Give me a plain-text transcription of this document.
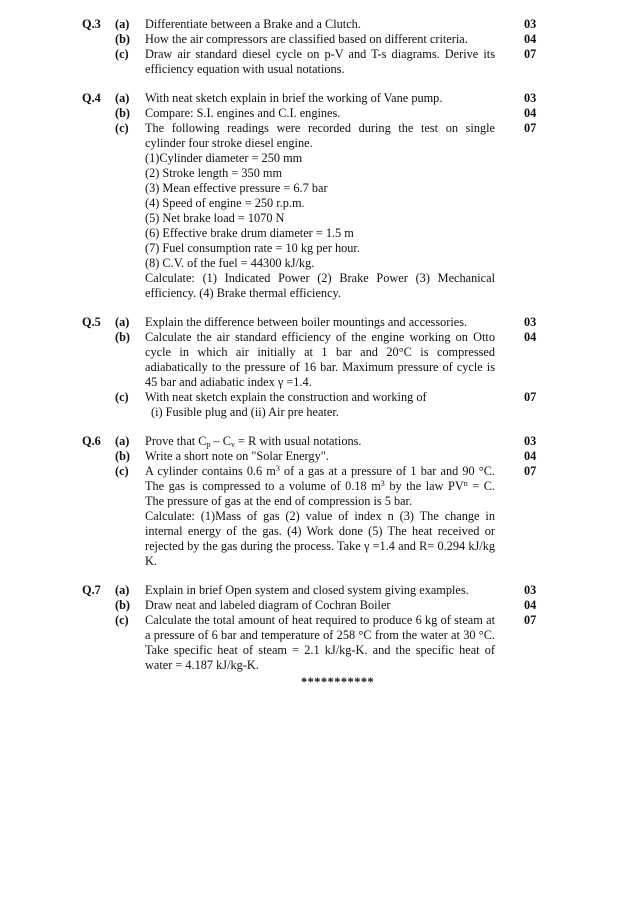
Q.3 (a) Differentiate between a Brake and a Clutch.	03
(b) How the air compressors are classified based on different criteria.	04
(c) Draw air standard diesel cycle on p-V and T-s diagrams. Derive its efficiency equation with usual notations.
07
Q.4 (a) With neat sketch explain in brief the working of Vane pump.	03
(b) Compare: S.I. engines and C.I. engines.	04
(c)	07
The following readings were recorded during the test on single cylinder four stroke diesel engine.
(1)Cylinder diameter = 250 mm
(2) Stroke length = 350 mm
(3) Mean effective pressure = 6.7 bar
(4) Speed of engine = 250 r.p.m.
(5) Net brake load = 1070 N
(6) Effective brake drum diameter = 1.5 m
(7) Fuel consumption rate = 10 kg per hour.
(8) C.V. of the fuel = 44300 kJ/kg.
Calculate: (1) Indicated Power (2) Brake Power (3) Mechanical efficiency. (4) Brake thermal efficiency.
Q.5 (a) Explain the difference between boiler mountings and accessories.	03
(b) Calculate the air standard efficiency of the engine working on Otto cycle in which air initially at 1 bar and 20°C is compressed adiabatically to the pressure of 16 bar. Maximum pressure of cycle is 45 bar and adiabatic index γ =1.4.
04
(c) With neat sketch explain the construction and working of
(i) Fusible plug and (ii) Air pre heater.
07
Q.6 (a) Prove that $C_p - C_v = R$ with usual notations.	03
(b) Write a short note on "Solar Energy".	04
(c) A cylinder contains 0.6 $m^3$ of a gas at a pressure of 1 bar and 90 °C. The gas is compressed to a volume of 0.18 $m^3$ by the law $PV^n = C$. The pressure of gas at the end of compression is 5 bar.
Calculate: (1)Mass of gas (2) value of index n (3) The change in internal energy of the gas. (4) Work done (5) The heat received or rejected by the gas during the process. Take γ =1.4 and R= 0.294 kJ/kg K.
07
Q.7 (a) Explain in brief Open system and closed system giving examples.	03
(b) Draw neat and labeled diagram of Cochran Boiler	04
(c) Calculate the total amount of heat required to produce 6 kg of steam at a pressure of 6 bar and temperature of 258 °C from the water at 30 °C. Take specific heat of steam = 2.1 kJ/kg-K. and the specific heat of water = 4.187 kJ/kg-K.
07
***********
